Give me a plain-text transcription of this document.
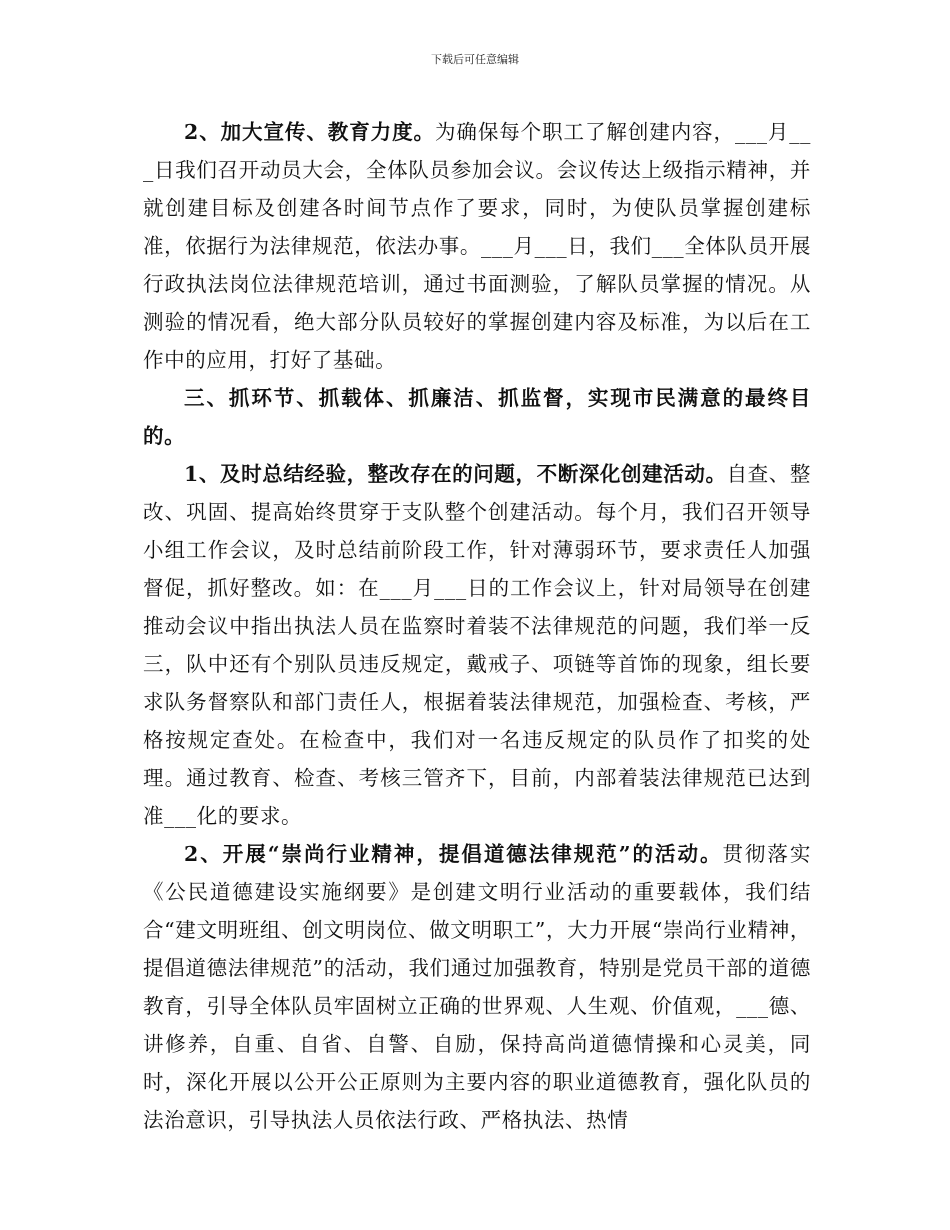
下载后可任意编辑

2、加大宣传、教育力度。为确保每个职工了解创建内容，___月___日我们召开动员大会，全体队员参加会议。会议传达上级指示精神，并就创建目标及创建各时间节点作了要求，同时，为使队员掌握创建标准，依据行为法律规范，依法办事。___月___日，我们___全体队员开展行政执法岗位法律规范培训，通过书面测验，了解队员掌握的情况。从测验的情况看，绝大部分队员较好的掌握创建内容及标准，为以后在工作中的应用，打好了基础。

三、抓环节、抓载体、抓廉洁、抓监督，实现市民满意的最终目的。

1、及时总结经验，整改存在的问题，不断深化创建活动。自查、整改、巩固、提高始终贯穿于支队整个创建活动。每个月，我们召开领导小组工作会议，及时总结前阶段工作，针对薄弱环节，要求责任人加强督促，抓好整改。如：在___月___日的工作会议上，针对局领导在创建推动会议中指出执法人员在监察时着装不法律规范的问题，我们举一反三，队中还有个别队员违反规定，戴戒子、项链等首饰的现象，组长要求队务督察队和部门责任人，根据着装法律规范，加强检查、考核，严格按规定查处。在检查中，我们对一名违反规定的队员作了扣奖的处理。通过教育、检查、考核三管齐下，目前，内部着装法律规范已达到准___化的要求。

2、开展“崇尚行业精神，提倡道德法律规范”的活动。贯彻落实《公民道德建设实施纲要》是创建文明行业活动的重要载体，我们结合“建文明班组、创文明岗位、做文明职工”，大力开展“崇尚行业精神，提倡道德法律规范”的活动，我们通过加强教育，特别是党员干部的道德教育，引导全体队员牢固树立正确的世界观、人生观、价值观，___德、讲修养，自重、自省、自警、自励，保持高尚道德情操和心灵美，同时，深化开展以公开公正原则为主要内容的职业道德教育，强化队员的法治意识，引导执法人员依法行政、严格执法、热情
